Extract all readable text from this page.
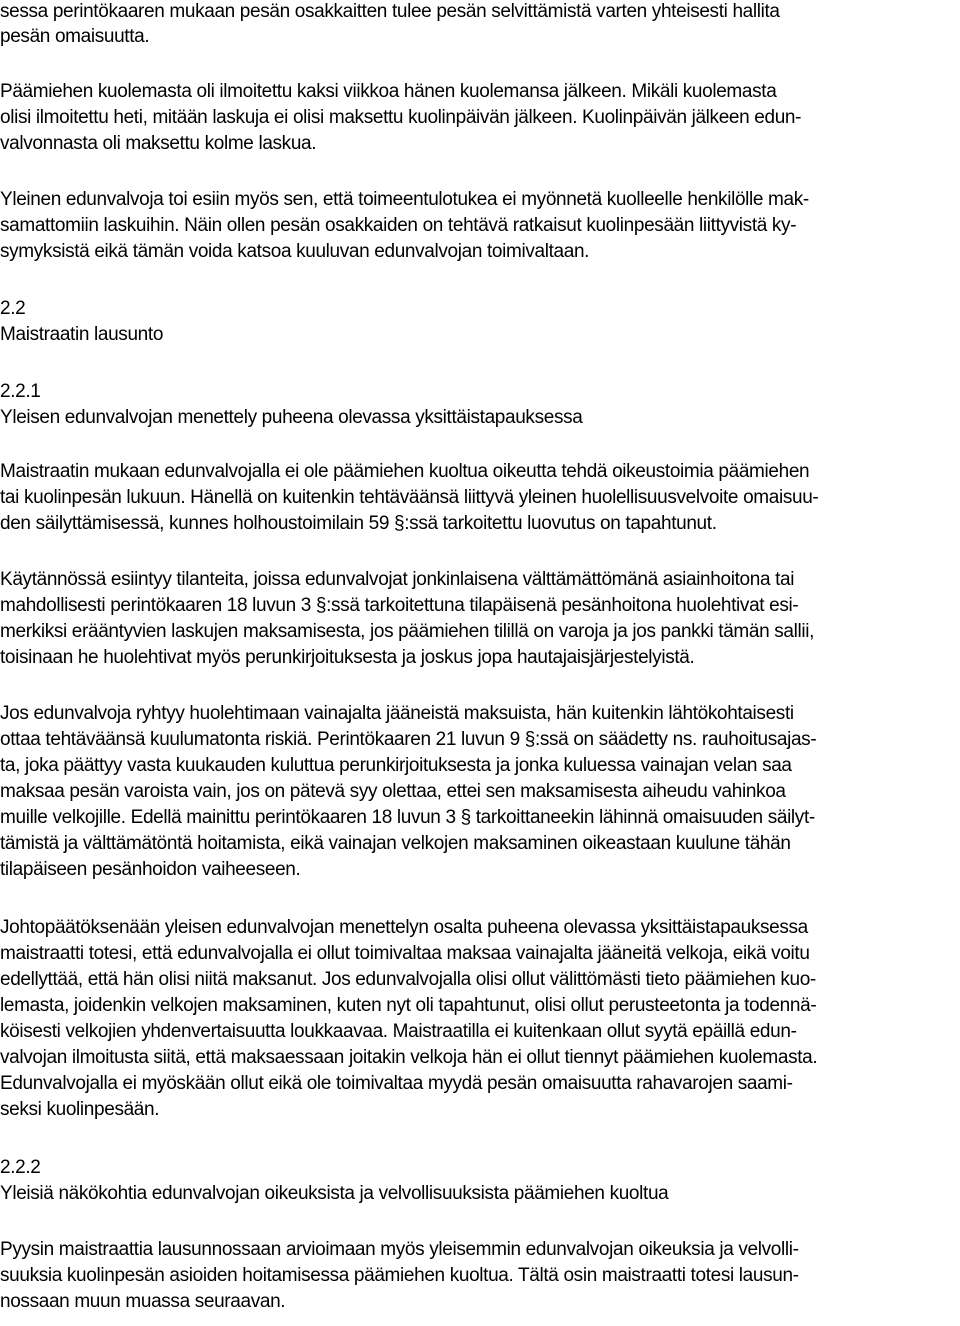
sessa perintökaaren mukaan pesän osakkaitten tulee pesän selvittämistä varten yhteisesti hallita
pesän omaisuutta.
Päämiehen kuolemasta oli ilmoitettu kaksi viikkoa hänen kuolemansa jälkeen. Mikäli kuolemasta
olisi ilmoitettu heti, mitään laskuja ei olisi maksettu kuolinpäivän jälkeen. Kuolinpäivän jälkeen edun-
valvonnasta oli maksettu kolme laskua.
Yleinen edunvalvoja toi esiin myös sen, että toimeentulotukea ei myönnetä kuolleelle henkilölle mak-
samattomiin laskuihin. Näin ollen pesän osakkaiden on tehtävä ratkaisut kuolinpesään liittyvistä ky-
symyksistä eikä tämän voida katsoa kuuluvan edunvalvojan toimivaltaan.
2.2
Maistraatin lausunto
2.2.1
Yleisen edunvalvojan menettely puheena olevassa yksittäistapauksessa
Maistraatin mukaan edunvalvojalla ei ole päämiehen kuoltua oikeutta tehdä oikeustoimia päämiehen
tai kuolinpesän lukuun. Hänellä on kuitenkin tehtäväänsä liittyvä yleinen huolellisuusvelvoite omaisuu-
den säilyttämisessä, kunnes holhoustoimilain 59 §:ssä tarkoitettu luovutus on tapahtunut.
Käytännössä esiintyy tilanteita, joissa edunvalvojat jonkinlaisena välttämättömänä asiainhoitona tai
mahdollisesti perintökaaren 18 luvun 3 §:ssä tarkoitettuna tilapäisenä pesänhoitona huolehtivat esi-
merkiksi erääntyvien laskujen maksamisesta, jos päämiehen tilillä on varoja ja jos pankki tämän sallii,
toisinaan he huolehtivat myös perunkirjoituksesta ja joskus jopa hautajaisjärjestelyistä.
Jos edunvalvoja ryhtyy huolehtimaan vainajalta jääneistä maksuista, hän kuitenkin lähtökohtaisesti
ottaa tehtäväänsä kuulumatonta riskiä. Perintökaaren 21 luvun 9 §:ssä on säädetty ns. rauhoitusajas-
ta, joka päättyy vasta kuukauden kuluttua perunkirjoituksesta ja jonka kuluessa vainajan velan saa
maksaa pesän varoista vain, jos on pätevä syy olettaa, ettei sen maksamisesta aiheudu vahinkoa
muille velkojille. Edellä mainittu perintökaaren 18 luvun 3 § tarkoittaneekin lähinnä omaisuuden säilyt-
tämistä ja välttämätöntä hoitamista, eikä vainajan velkojen maksaminen oikeastaan kuulune tähän
tilapäiseen pesänhoidon vaiheeseen.
Johtopäätöksenään yleisen edunvalvojan menettelyn osalta puheena olevassa yksittäistapauksessa
maistraatti totesi, että edunvalvojalla ei ollut toimivaltaa maksaa vainajalta jääneitä velkoja, eikä voitu
edellyttää, että hän olisi niitä maksanut. Jos edunvalvojalla olisi ollut välittömästi tieto päämiehen kuo-
lemasta, joidenkin velkojen maksaminen, kuten nyt oli tapahtunut, olisi ollut perusteetonta ja todennä-
köisesti velkojien yhdenvertaisuutta loukkaavaa. Maistraatilla ei kuitenkaan ollut syytä epäillä edun-
valvojan ilmoitusta siitä, että maksaessaan joitakin velkoja hän ei ollut tiennyt päämiehen kuolemasta.
Edunvalvojalla ei myöskään ollut eikä ole toimivaltaa myydä pesän omaisuutta rahavarojen saami-
seksi kuolinpesään.
2.2.2
Yleisiä näkökohtia edunvalvojan oikeuksista ja velvollisuuksista päämiehen kuoltua
Pyysin maistraattia lausunnossaan arvioimaan myös yleisemmin edunvalvojan oikeuksia ja velvolli-
suuksia kuolinpesän asioiden hoitamisessa päämiehen kuoltua. Tältä osin maistraatti totesi lausun-
nossaan muun muassa seuraavan.
